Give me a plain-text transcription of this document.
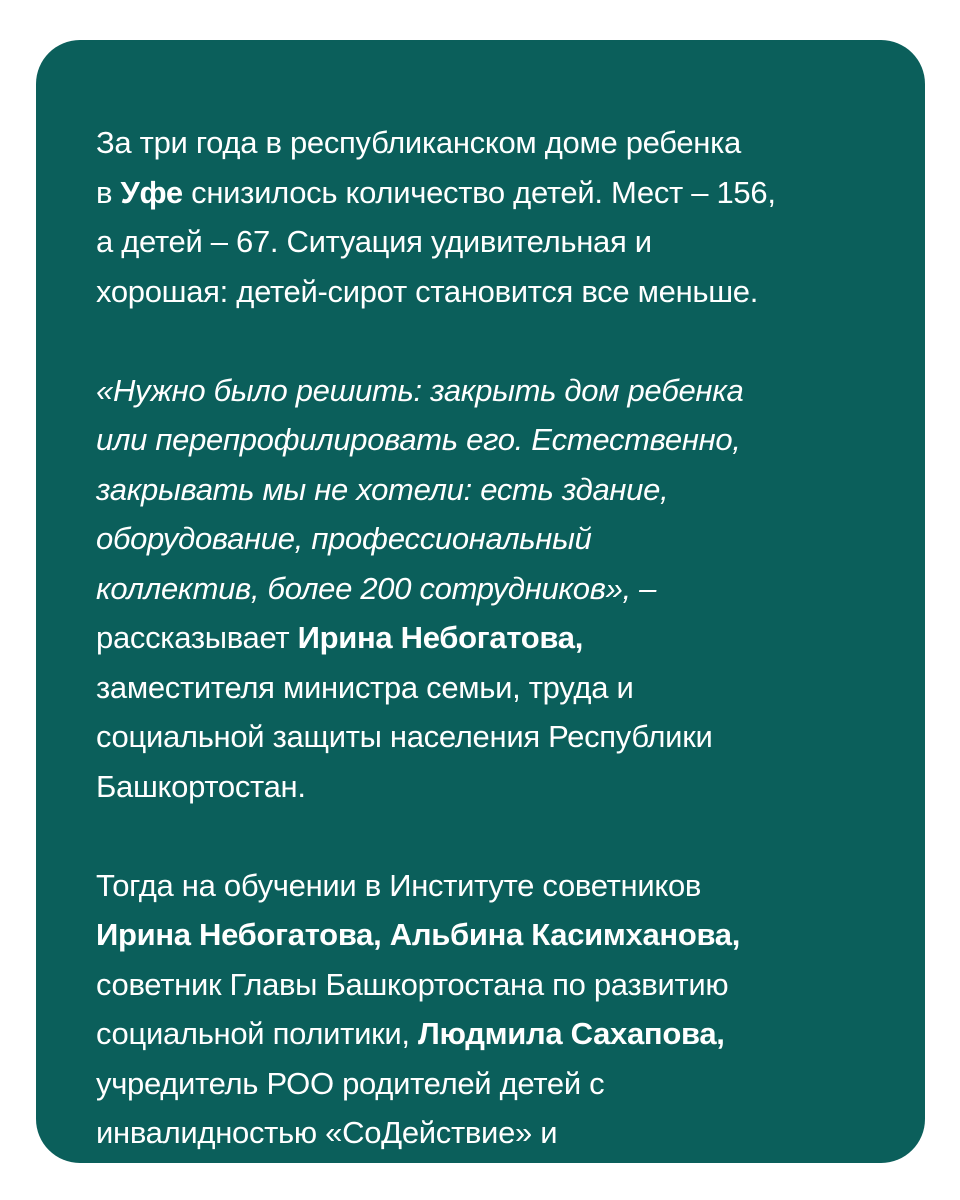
За три года в республиканском доме ребенка
в Уфе снизилось количество детей. Мест – 156,
а детей – 67. Ситуация удивительная и
хорошая: детей-сирот становится все меньше.

«Нужно было решить: закрыть дом ребенка
или перепрофилировать его. Естественно,
закрывать мы не хотели: есть здание,
оборудование, профессиональный
коллектив, более 200 сотрудников», –
рассказывает Ирина Небогатова,
заместителя министра семьи, труда и
социальной защиты населения Республики
Башкортостан.

Тогда на обучении в Институте советников
Ирина Небогатова, Альбина Касимханова,
советник Главы Башкортостана по развитию
социальной политики, Людмила Сахапова,
учредитель РОО родителей детей с
инвалидностью «СоДействие» и
